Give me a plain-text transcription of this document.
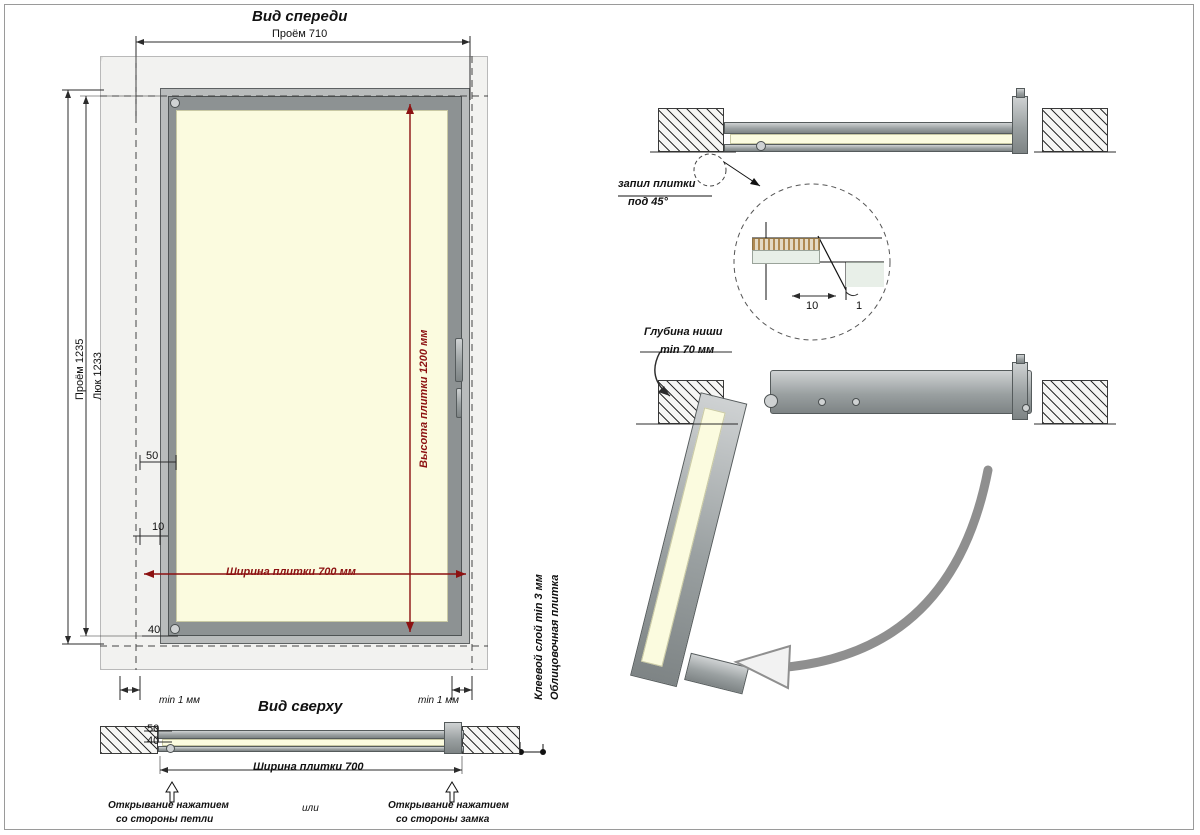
Вид спереди
Проём 710
Проём 1235 Люк 1233
50
10
40
min 1 мм	min 1 мм
Высота плитки 1200 мм
Ширина плитки 700 мм
Клеевой слой min 3 мм Облицовочная плитка
Вид сверху
50
40
Ширина плитки 700
Открывание нажатием
со стороны петли
или	Открывание нажатием
со стороны замка
запил плитки
под 45°
10	1
Глубина ниши
min 70 мм
